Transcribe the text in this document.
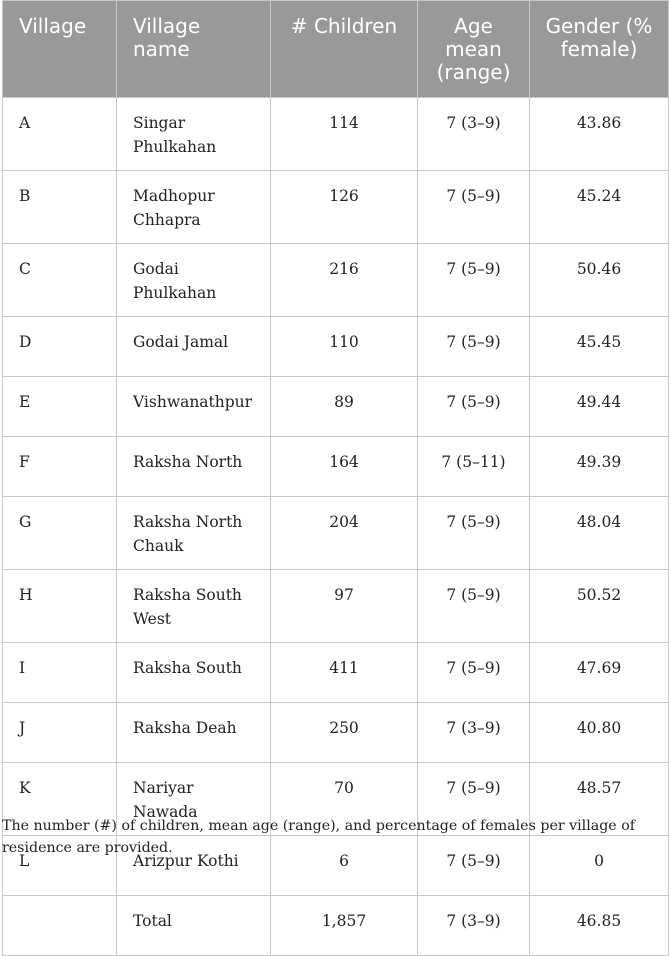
Village	Village name	# Children	Age mean (range)	Gender (% female)
A	Singar Phulkahan	114	7 (3–9)	43.86
B	Madhopur Chhapra	126	7 (5–9)	45.24
C	Godai Phulkahan	216	7 (5–9)	50.46
D	Godai Jamal	110	7 (5–9)	45.45
E	Vishwanathpur	89	7 (5–9)	49.44
F	Raksha North	164	7 (5–11)	49.39
G	Raksha North Chauk	204	7 (5–9)	48.04
H	Raksha South West	97	7 (5–9)	50.52
I	Raksha South	411	7 (5–9)	47.69
J	Raksha Deah	250	7 (3–9)	40.80
K	Nariyar Nawada	70	7 (5–9)	48.57
L	Arizpur Kothi	6	7 (5–9)	0
	Total	1,857	7 (3–9)	46.85
The number (#) of children, mean age (range), and percentage of females per village of residence are provided.
